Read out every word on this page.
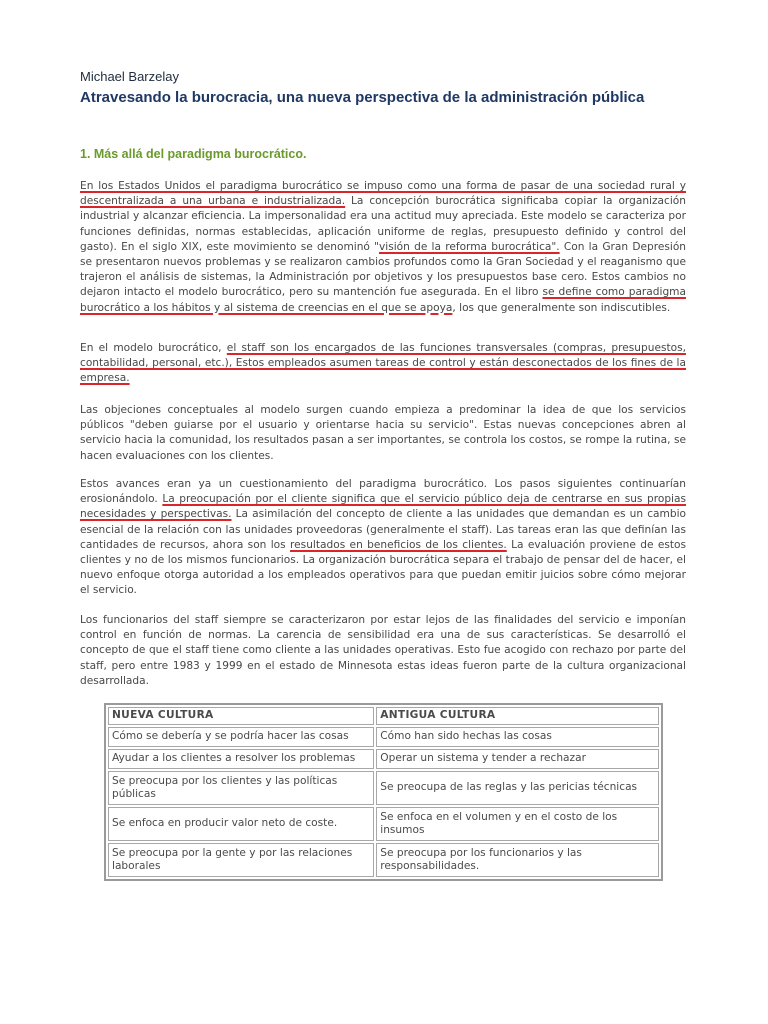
Michael Barzelay
Atravesando la burocracia, una nueva perspectiva de la administración pública
1. Más allá del paradigma burocrático.
En los Estados Unidos el paradigma burocrático se impuso como una forma de pasar de una sociedad rural y descentralizada a una urbana e industrializada. La concepción burocrática significaba copiar la organización industrial y alcanzar eficiencia. La impersonalidad era una actitud muy apreciada. Este modelo se caracteriza por funciones definidas, normas establecidas, aplicación uniforme de reglas, presupuesto definido y control del gasto). En el siglo XIX, este movimiento se denominó "visión de la reforma burocrática". Con la Gran Depresión se presentaron nuevos problemas y se realizaron cambios profundos como la Gran Sociedad y el reaganismo que trajeron el análisis de sistemas, la Administración por objetivos y los presupuestos base cero. Estos cambios no dejaron intacto el modelo burocrático, pero su mantención fue asegurada. En el libro se define como paradigma burocrático a los hábitos y al sistema de creencias en el que se apoya, los que generalmente son indiscutibles.
En el modelo burocrático, el staff son los encargados de las funciones transversales (compras, presupuestos, contabilidad, personal, etc.), Estos empleados asumen tareas de control y están desconectados de los fines de la empresa.
Las objeciones conceptuales al modelo surgen cuando empieza a predominar la idea de que los servicios públicos "deben guiarse por el usuario y orientarse hacia su servicio". Estas nuevas concepciones abren al servicio hacia la comunidad, los resultados pasan a ser importantes, se controla los costos, se rompe la rutina, se hacen evaluaciones con los clientes.
Estos avances eran ya un cuestionamiento del paradigma burocrático. Los pasos siguientes continuarían erosionándolo. La preocupación por el cliente significa que el servicio público deja de centrarse en sus propias necesidades y perspectivas. La asimilación del concepto de cliente a las unidades que demandan es un cambio esencial de la relación con las unidades proveedoras (generalmente el staff). Las tareas eran las que definían las cantidades de recursos, ahora son los resultados en beneficios de los clientes. La evaluación proviene de estos clientes y no de los mismos funcionarios. La organización burocrática separa el trabajo de pensar del de hacer, el nuevo enfoque otorga autoridad a los empleados operativos para que puedan emitir juicios sobre cómo mejorar el servicio.
Los funcionarios del staff siempre se caracterizaron por estar lejos de las finalidades del servicio e imponían control en función de normas. La carencia de sensibilidad era una de sus características. Se desarrolló el concepto de que el staff tiene como cliente a las unidades operativas. Esto fue acogido con rechazo por parte del staff, pero entre 1983 y 1999 en el estado de Minnesota estas ideas fueron parte de la cultura organizacional desarrollada.
NUEVA CULTURA	ANTIGUA CULTURA
Cómo se debería y se podría hacer las cosas	Cómo han sido hechas las cosas
Ayudar a los clientes a resolver los problemas	Operar un sistema y tender a rechazar
Se preocupa por los clientes y las políticas públicas	Se preocupa de las reglas y las pericias técnicas
Se enfoca en producir valor neto de coste.	Se enfoca en el volumen y en el costo de los insumos
Se preocupa por la gente y por las relaciones laborales	Se preocupa por los funcionarios y las responsabilidades.
